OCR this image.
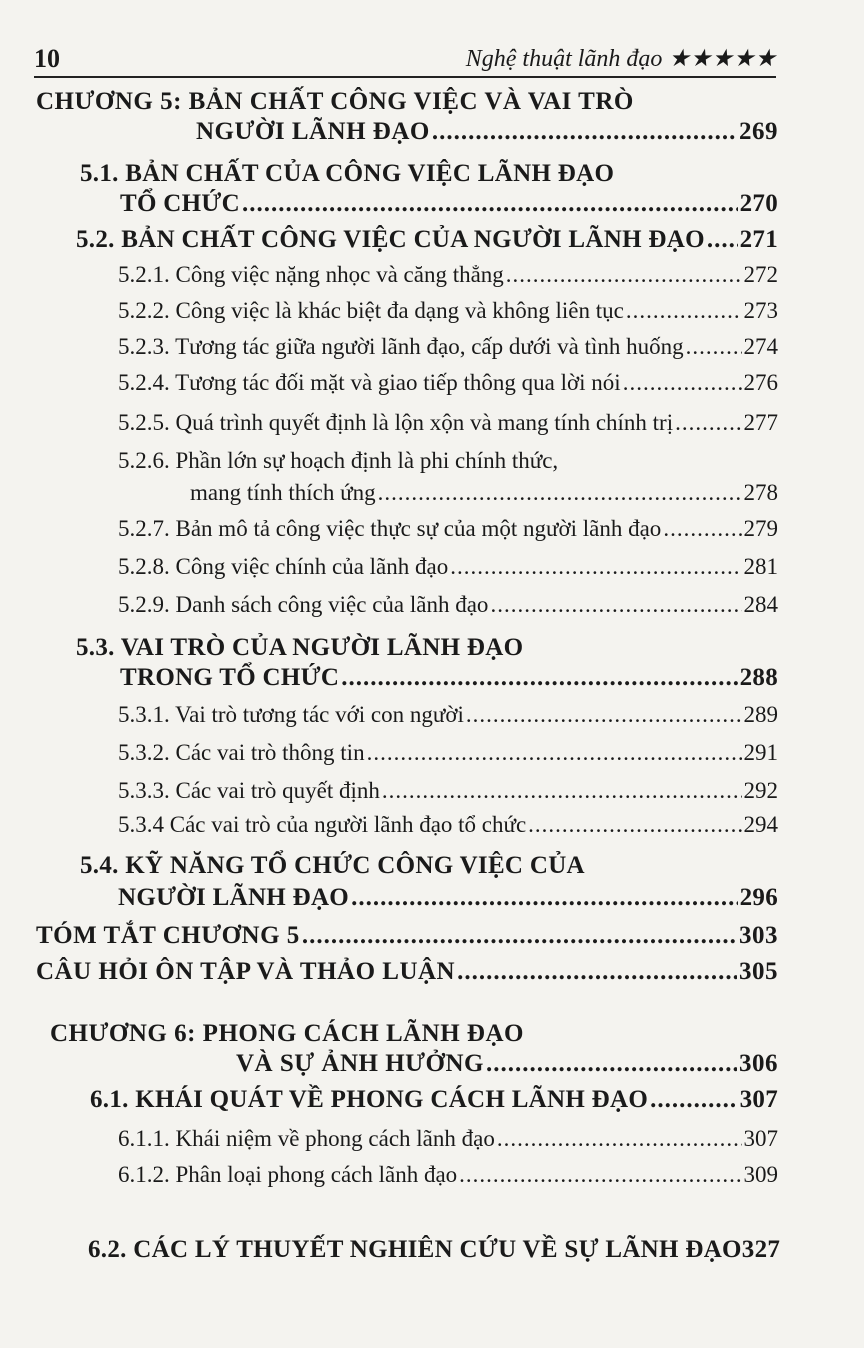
10	Nghệ thuật lãnh đạo ★★★★★
CHƯƠNG 5: BẢN CHẤT CÔNG VIỆC VÀ VAI TRÒ
NGƯỜI LÃNH ĐẠO .....	269
5.1. BẢN CHẤT CỦA CÔNG VIỆC LÃNH ĐẠO
TỔ CHỨC .....	270
5.2. BẢN CHẤT CÔNG VIỆC CỦA NGƯỜI LÃNH ĐẠO ..... 271
5.2.1. Công việc nặng nhọc và căng thẳng .....	272
5.2.2. Công việc là khác biệt đa dạng và không liên tục .....	273
5.2.3. Tương tác giữa người lãnh đạo, cấp dưới và tình huống .....	274
5.2.4. Tương tác đối mặt và giao tiếp thông qua lời nói .....	276
5.2.5. Quá trình quyết định là lộn xộn và mang tính chính trị .....	277
5.2.6. Phần lớn sự hoạch định là phi chính thức,
mang tính thích ứng .....	278
5.2.7. Bản mô tả công việc thực sự của một người lãnh đạo .....	279
5.2.8. Công việc chính của lãnh đạo .....	281
5.2.9. Danh sách công việc của lãnh đạo .....	284
5.3. VAI TRÒ CỦA NGƯỜI LÃNH ĐẠO
TRONG TỔ CHỨC .....	288
5.3.1. Vai trò tương tác với con người .....	289
5.3.2. Các vai trò thông tin .....	291
5.3.3. Các vai trò quyết định .....	292
5.3.4 Các vai trò của người lãnh đạo tổ chức .....	294
5.4. KỸ NĂNG TỔ CHỨC CÔNG VIỆC CỦA
NGƯỜI LÃNH ĐẠO .....	296
TÓM TẮT CHƯƠNG 5 .....	303
CÂU HỎI ÔN TẬP VÀ THẢO LUẬN .....	305
CHƯƠNG 6: PHONG CÁCH LÃNH ĐẠO
VÀ SỰ ẢNH HƯỞNG .....	306
6.1. KHÁI QUÁT VỀ PHONG CÁCH LÃNH ĐẠO .....	307
6.1.1. Khái niệm về phong cách lãnh đạo .....	307
6.1.2. Phân loại phong cách lãnh đạo .....	309
6.2. CÁC LÝ THUYẾT NGHIÊN CỨU VỀ SỰ LÃNH ĐẠO 327
